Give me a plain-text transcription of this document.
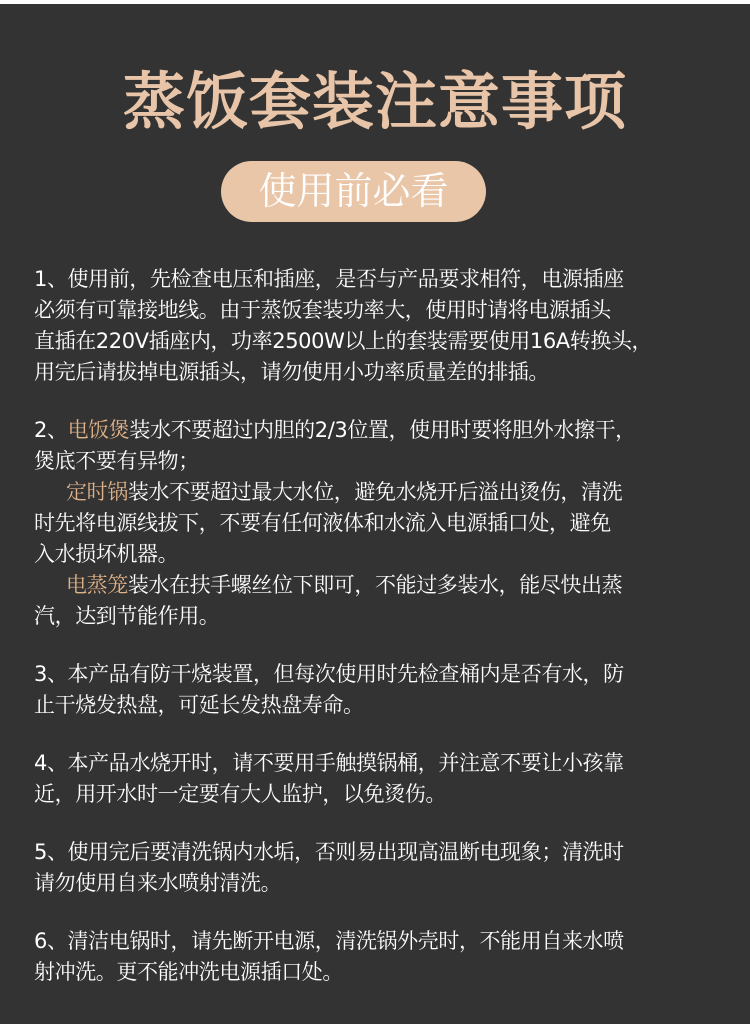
蒸饭套装注意事项
使用前必看
1、使用前，先检查电压和插座，是否与产品要求相符，电源插座
必须有可靠接地线。由于蒸饭套装功率大，使用时请将电源插头
直插在220V插座内，功率2500W以上的套装需要使用16A转换头，
用完后请拔掉电源插头，请勿使用小功率质量差的排插。
2、电饭煲装水不要超过内胆的2/3位置，使用时要将胆外水擦干，
煲底不要有异物；
定时锅装水不要超过最大水位，避免水烧开后溢出烫伤，清洗
时先将电源线拔下，不要有任何液体和水流入电源插口处，避免
入水损坏机器。
电蒸笼装水在扶手螺丝位下即可，不能过多装水，能尽快出蒸
汽，达到节能作用。
3、本产品有防干烧装置，但每次使用时先检查桶内是否有水，防
止干烧发热盘，可延长发热盘寿命。
4、本产品水烧开时，请不要用手触摸锅桶，并注意不要让小孩靠
近，用开水时一定要有大人监护，以免烫伤。
5、使用完后要清洗锅内水垢，否则易出现高温断电现象；清洗时
请勿使用自来水喷射清洗。
6、清洁电锅时，请先断开电源，清洗锅外壳时，不能用自来水喷
射冲洗。更不能冲洗电源插口处。
